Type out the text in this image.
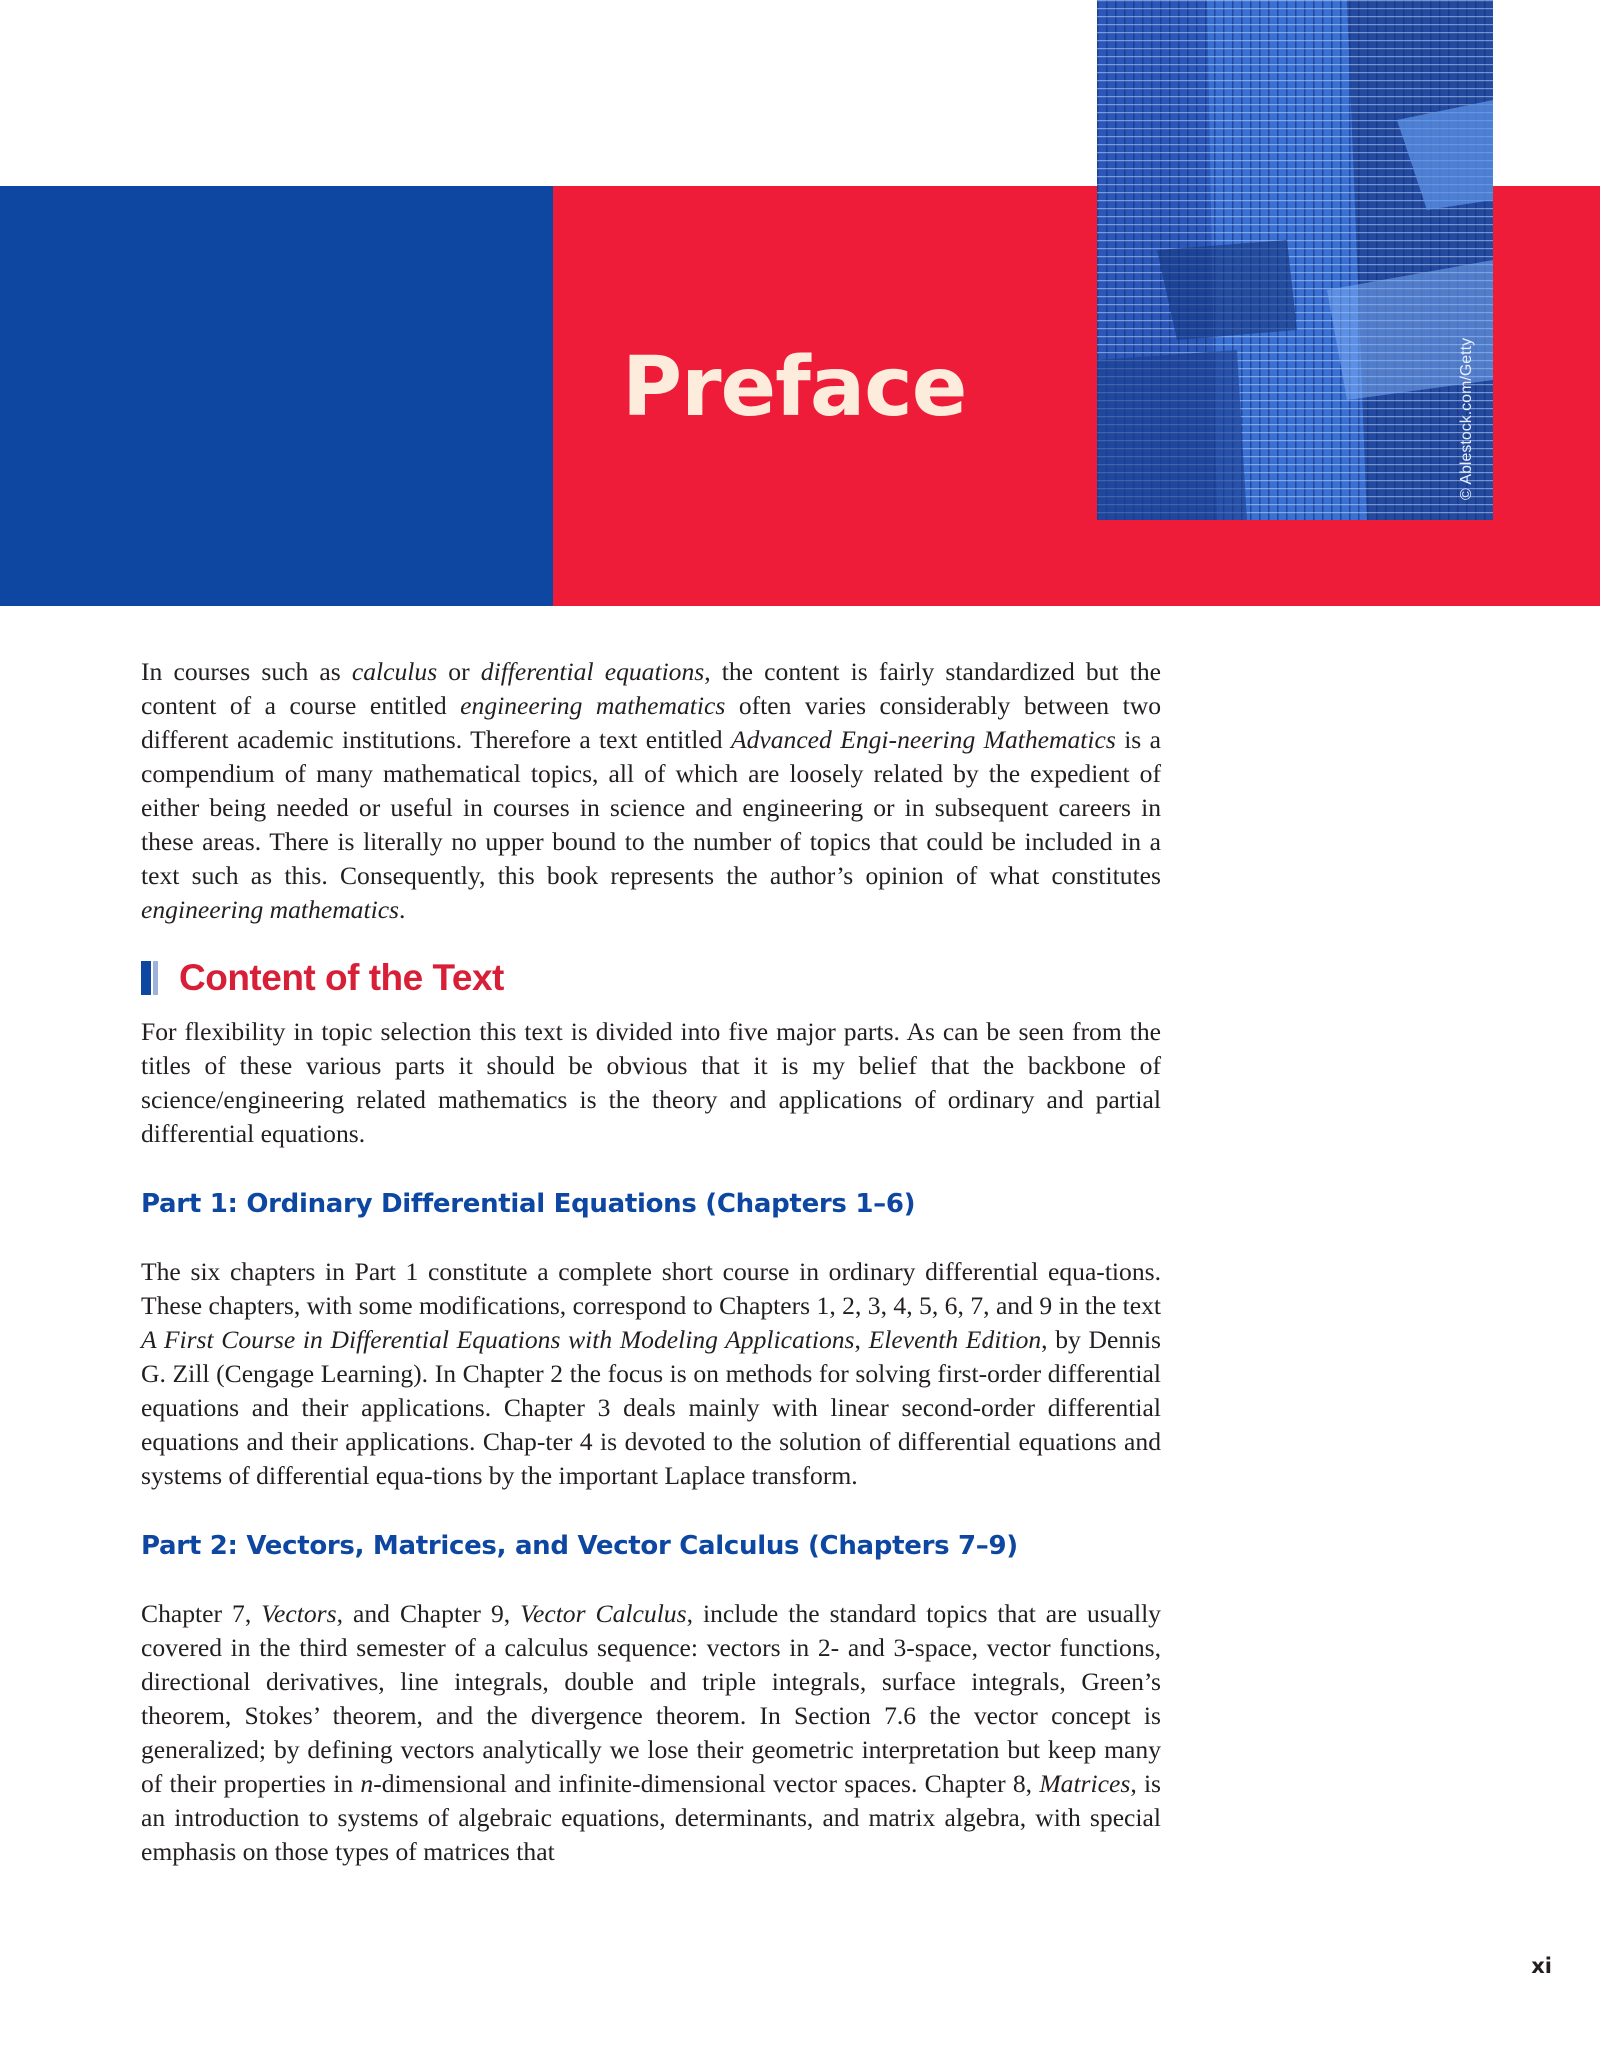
© Ablestock.com/Getty
Preface

In courses such as calculus or differential equations, the content is fairly standardized but the content of a course entitled engineering mathematics often varies considerably between two different academic institutions. Therefore a text entitled Advanced Engi-neering Mathematics is a compendium of many mathematical topics, all of which are loosely related by the expedient of either being needed or useful in courses in science and engineering or in subsequent careers in these areas. There is literally no upper bound to the number of topics that could be included in a text such as this. Consequently, this book represents the author’s opinion of what constitutes engineering mathematics.

Content of the Text

For flexibility in topic selection this text is divided into five major parts. As can be seen from the titles of these various parts it should be obvious that it is my belief that the backbone of science/engineering related mathematics is the theory and applications of ordinary and partial differential equations.

Part 1: Ordinary Differential Equations (Chapters 1–6)

The six chapters in Part 1 constitute a complete short course in ordinary differential equa-tions. These chapters, with some modifications, correspond to Chapters 1, 2, 3, 4, 5, 6, 7, and 9 in the text A First Course in Differential Equations with Modeling Applications, Eleventh Edition, by Dennis G. Zill (Cengage Learning). In Chapter 2 the focus is on methods for solving first-order differential equations and their applications. Chapter 3 deals mainly with linear second-order differential equations and their applications. Chap-ter 4 is devoted to the solution of differential equations and systems of differential equa-tions by the important Laplace transform.

Part 2: Vectors, Matrices, and Vector Calculus (Chapters 7–9)

Chapter 7, Vectors, and Chapter 9, Vector Calculus, include the standard topics that are usually covered in the third semester of a calculus sequence: vectors in 2- and 3-space, vector functions, directional derivatives, line integrals, double and triple integrals, surface integrals, Green’s theorem, Stokes’ theorem, and the divergence theorem. In Section 7.6 the vector concept is generalized; by defining vectors analytically we lose their geometric interpretation but keep many of their properties in n-dimensional and infinite-dimensional vector spaces. Chapter 8, Matrices, is an introduction to systems of algebraic equations, determinants, and matrix algebra, with special emphasis on those types of matrices that

xi
